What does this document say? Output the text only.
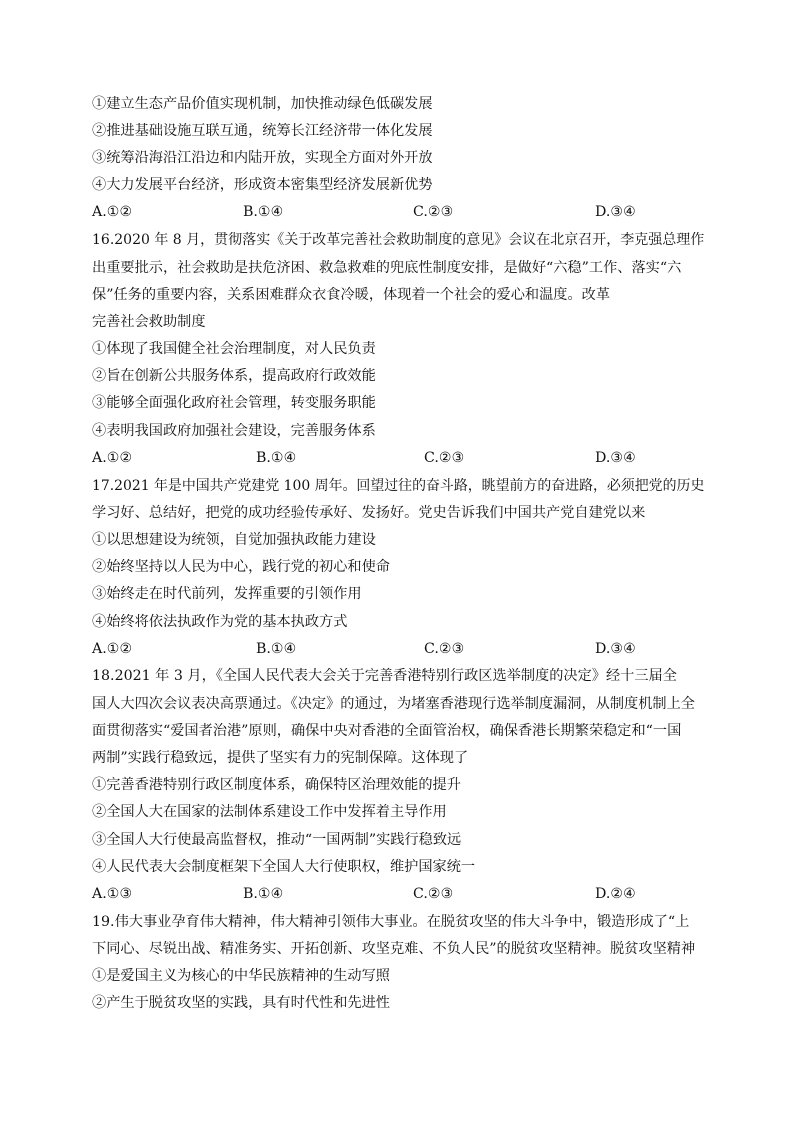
①建立生态产品价值实现机制，加快推动绿色低碳发展
②推进基础设施互联互通，统筹长江经济带一体化发展
③统筹沿海沿江沿边和内陆开放，实现全方面对外开放
④大力发展平台经济，形成资本密集型经济发展新优势
A.①②	B.①④	C.②③	D.③④
16.2020 年 8 月，贯彻落实《关于改革完善社会救助制度的意见》会议在北京召开，李克强总理作
出重要批示，社会救助是扶危济困、救急救难的兜底性制度安排，是做好“六稳”工作、落实“六
保”任务的重要内容，关系困难群众衣食冷暖，体现着一个社会的爱心和温度。改革
完善社会救助制度
①体现了我国健全社会治理制度，对人民负责
②旨在创新公共服务体系，提高政府行政效能
③能够全面强化政府社会管理，转变服务职能
④表明我国政府加强社会建设，完善服务体系
A.①②	B.①④	C.②③	D.③④
17.2021 年是中国共产党建党 100 周年。回望过往的奋斗路，眺望前方的奋进路，必须把党的历史
学习好、总结好，把党的成功经验传承好、发扬好。党史告诉我们中国共产党自建党以来
①以思想建设为统领，自觉加强执政能力建设
②始终坚持以人民为中心，践行党的初心和使命
③始终走在时代前列，发挥重要的引领作用
④始终将依法执政作为党的基本执政方式
A.①②	B.①④	C.②③	D.③④
18.2021 年 3 月，《全国人民代表大会关于完善香港特别行政区选举制度的决定》经十三届全
国人大四次会议表决高票通过。《决定》的通过，为堵塞香港现行选举制度漏洞，从制度机制上全
面贯彻落实“爱国者治港”原则，确保中央对香港的全面管治权，确保香港长期繁荣稳定和“一国
两制”实践行稳致远，提供了坚实有力的宪制保障。这体现了
①完善香港特别行政区制度体系，确保特区治理效能的提升
②全国人大在国家的法制体系建设工作中发挥着主导作用
③全国人大行使最高监督权，推动“一国两制”实践行稳致远
④人民代表大会制度框架下全国人大行使职权，维护国家统一
A.①③	B.①④	C.②③	D.②④
19.伟大事业孕育伟大精神，伟大精神引领伟大事业。在脱贫攻坚的伟大斗争中，锻造形成了“上
下同心、尽锐出战、精准务实、开拓创新、攻坚克难、不负人民”的脱贫攻坚精神。脱贫攻坚精神
①是爱国主义为核心的中华民族精神的生动写照
②产生于脱贫攻坚的实践，具有时代性和先进性
